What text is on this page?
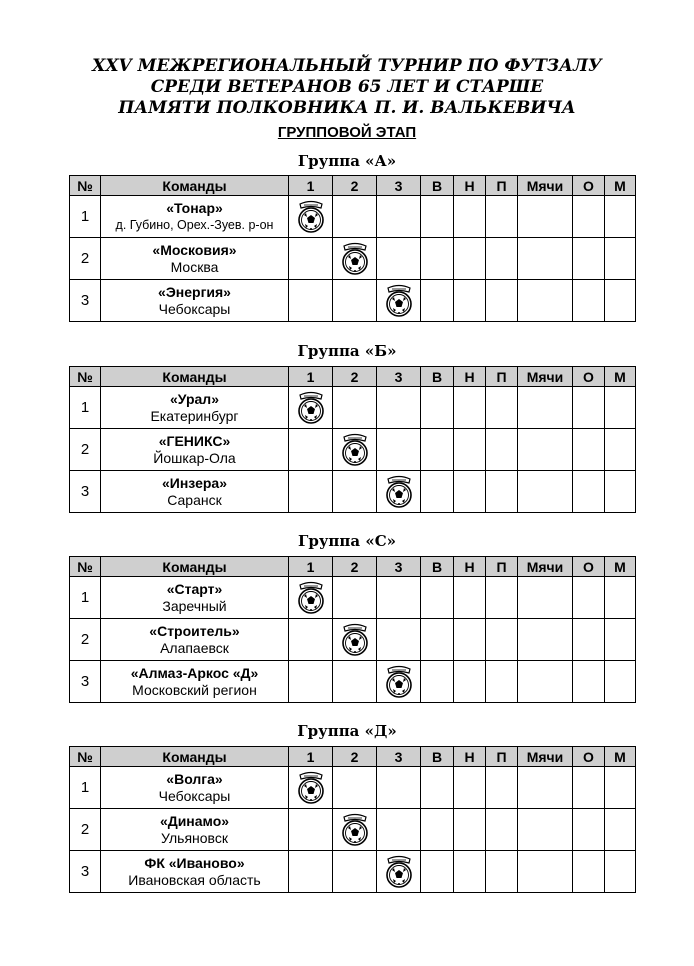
XXV МЕЖРЕГИОНАЛЬНЫЙ ТУРНИР ПО ФУТЗАЛУ
СРЕДИ ВЕТЕРАНОВ 65 ЛЕТ И СТАРШЕ
ПАМЯТИ ПОЛКОВНИКА П. И. ВАЛЬКЕВИЧА
ГРУППОВОЙ ЭТАП
Группа «А»
№	Команды	1	2	3	В	Н	П	Мячи	О	М
1	«Тонар»
д. Губино, Орех.-Зуев. р-он

2	«Московия»
Москва

3	«Энергия»
Чебоксары

Группа «Б»
№	Команды	1	2	3	В	Н	П	Мячи	О	М
1	«Урал»
Екатеринбург

2	«ГЕНИКС»
Йошкар-Ола

3	«Инзера»
Саранск

Группа «С»
№	Команды	1	2	3	В	Н	П	Мячи	О	М
1	«Старт»
Заречный

2	«Строитель»
Алапаевск

3	«Алмаз-Аркос «Д»
Московский регион

Группа «Д»
№	Команды	1	2	3	В	Н	П	Мячи	О	М
1	«Волга»
Чебоксары

2	«Динамо»
Ульяновск

3	ФК «Иваново»
Ивановская область
